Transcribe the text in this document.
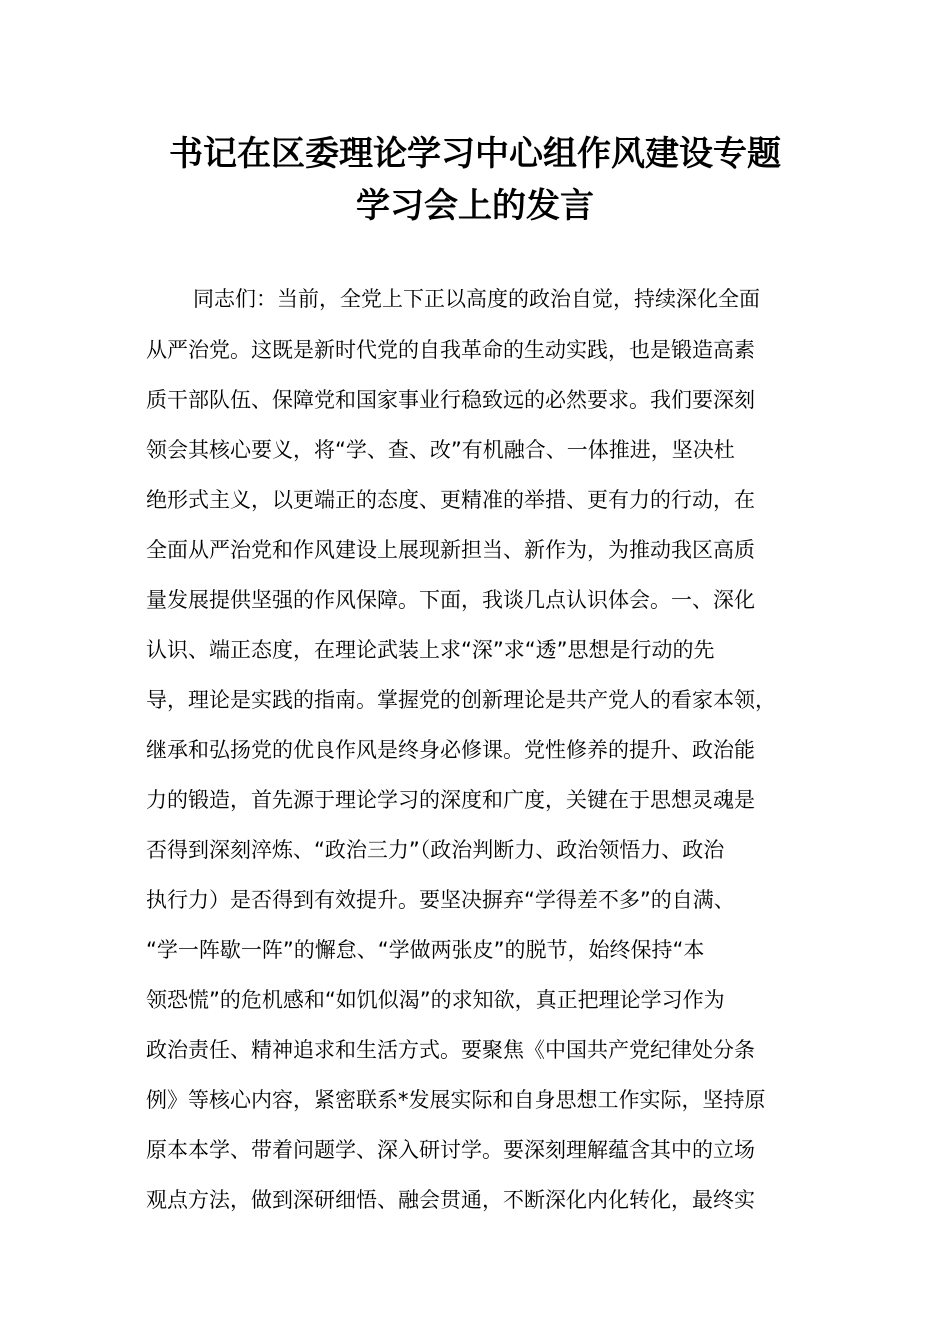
书记在区委理论学习中心组作风建设专题
学习会上的发言

同志们：当前，全党上下正以高度的政治自觉，持续深化全面

从严治党。这既是新时代党的自我革命的生动实践，也是锻造高素

质干部队伍、保障党和国家事业行稳致远的必然要求。我们要深刻

领会其核心要义，将“学、查、改”有机融合、一体推进，坚决杜

绝形式主义，以更端正的态度、更精准的举措、更有力的行动，在

全面从严治党和作风建设上展现新担当、新作为，为推动我区高质

量发展提供坚强的作风保障。下面，我谈几点认识体会。一、深化

认识、端正态度，在理论武装上求“深”求“透”思想是行动的先

导，理论是实践的指南。掌握党的创新理论是共产党人的看家本领，

继承和弘扬党的优良作风是终身必修课。党性修养的提升、政治能

力的锻造，首先源于理论学习的深度和广度，关键在于思想灵魂是

否得到深刻淬炼、“政治三力”（政治判断力、政治领悟力、政治

执行力）是否得到有效提升。要坚决摒弃“学得差不多”的自满、

“学一阵歇一阵”的懈怠、“学做两张皮”的脱节，始终保持“本

领恐慌”的危机感和“如饥似渴”的求知欲，真正把理论学习作为

政治责任、精神追求和生活方式。要聚焦《中国共产党纪律处分条

例》等核心内容，紧密联系*发展实际和自身思想工作实际，坚持原

原本本学、带着问题学、深入研讨学。要深刻理解蕴含其中的立场

观点方法，做到深研细悟、融会贯通，不断深化内化转化，最终实
